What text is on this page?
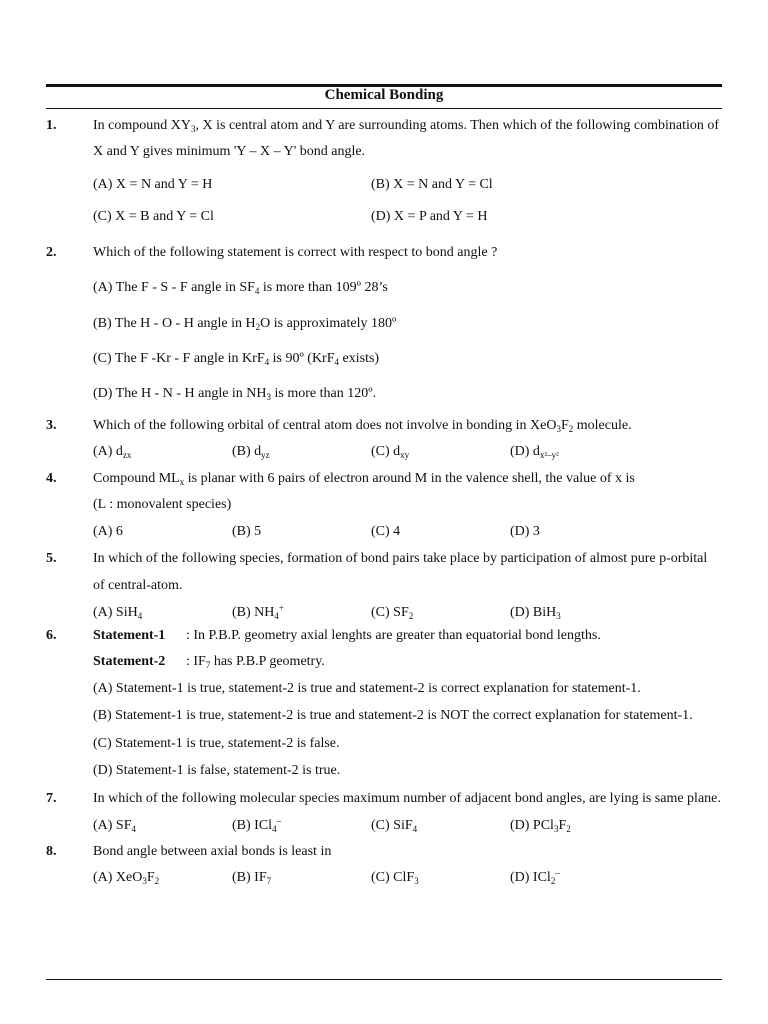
Chemical Bonding
1.	In compound $XY_3$, X is central atom and Y are surrounding atoms. Then which of the following combination of
X and Y gives minimum 'Y – X – Y' bond angle.
(A) X = N and Y = H	(B) X = N and Y = Cl
(C) X = B and Y = Cl	(D) X = P and Y = H
2.	Which of the following statement is correct with respect to bond angle ?
(A) The F - S - F angle in $SF_4$ is more than 109º 28’s
(B) The H - O - H angle in $H_2O$ is approximately 180º
(C) The F -Kr - F angle in KrF$_4$ is 90º (KrF$_4$ exists)
(D) The H - N - H angle in $NH_3$ is more than 120º.
3.	Which of the following orbital of central atom does not involve in bonding in $XeO_3F_2$ molecule.
(A) $d_{zx}$	(B) $d_{yz}$	(C) $d_{xy}$	(D) $d_{x^2-y^2}$
4.	Compound $ML_x$ is planar with 6 pairs of electron around M in the valence shell, the value of x is
(L : monovalent species)
(A) 6	(B) 5	(C) 4	(D) 3
5.	In which of the following species, formation of bond pairs take place by participation of almost pure p-orbital
of central-atom.
(A) SiH$_4$	(B) $NH_4^+$	(C) $SF_2$	(D) BiH$_3$
6.	Statement-1 : In P.B.P. geometry axial lenghts are greater than equatorial bond lengths.
Statement-2 : $IF_7$ has P.B.P geometry.
(A) Statement-1 is true, statement-2 is true and statement-2 is correct explanation for statement-1.
(B) Statement-1 is true, statement-2 is true and statement-2 is NOT the correct explanation for statement-1.
(C) Statement-1 is true, statement-2 is false.
(D) Statement-1 is false, statement-2 is true.
7.	In which of the following molecular species maximum number of adjacent bond angles, are lying is same plane.
(A) $SF_4$	(B) ICl$_4$–	(C) SiF$_4$	(D) $PCl_3F_2$
8.	Bond angle between axial bonds is least in
(A) $XeO_3F_2$	(B) $IF_7$	(C) ClF$_3$	(D) ICl$_2$–
